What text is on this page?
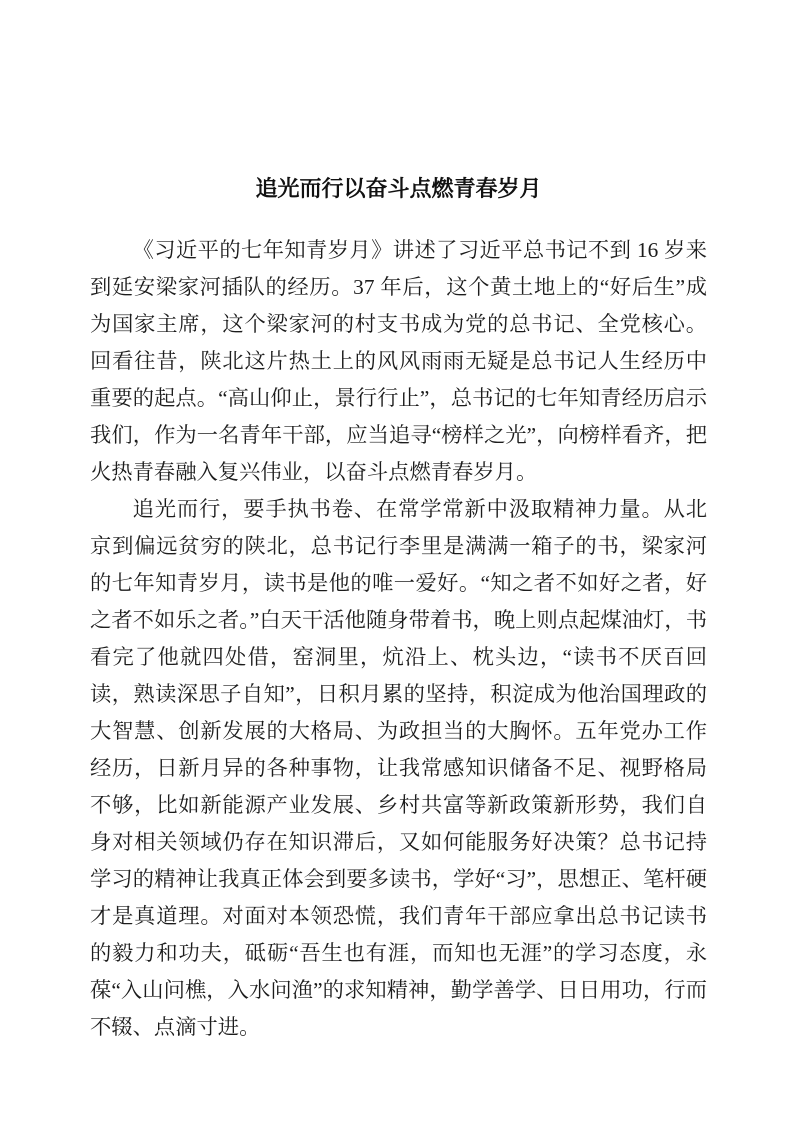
追光而行以奋斗点燃青春岁月

《习近平的七年知青岁月》讲述了习近平总书记不到 16 岁来到延安梁家河插队的经历。37 年后，这个黄土地上的“好后生”成为国家主席，这个梁家河的村支书成为党的总书记、全党核心。回看往昔，陕北这片热土上的风风雨雨无疑是总书记人生经历中重要的起点。“高山仰止，景行行止”，总书记的七年知青经历启示我们，作为一名青年干部，应当追寻“榜样之光”，向榜样看齐，把火热青春融入复兴伟业，以奋斗点燃青春岁月。

追光而行，要手执书卷、在常学常新中汲取精神力量。从北京到偏远贫穷的陕北，总书记行李里是满满一箱子的书，梁家河的七年知青岁月，读书是他的唯一爱好。“知之者不如好之者，好之者不如乐之者。”白天干活他随身带着书，晚上则点起煤油灯，书看完了他就四处借，窑洞里，炕沿上、枕头边，“读书不厌百回读，熟读深思子自知”，日积月累的坚持，积淀成为他治国理政的大智慧、创新发展的大格局、为政担当的大胸怀。五年党办工作经历，日新月异的各种事物，让我常感知识储备不足、视野格局不够，比如新能源产业发展、乡村共富等新政策新形势，我们自身对相关领域仍存在知识滞后，又如何能服务好决策？总书记持学习的精神让我真正体会到要多读书，学好“习”，思想正、笔杆硬才是真道理。对面对本领恐慌，我们青年干部应拿出总书记读书的毅力和功夫，砥砺“吾生也有涯，而知也无涯”的学习态度，永葆“入山问樵，入水问渔”的求知精神，勤学善学、日日用功，行而不辍、点滴寸进。
